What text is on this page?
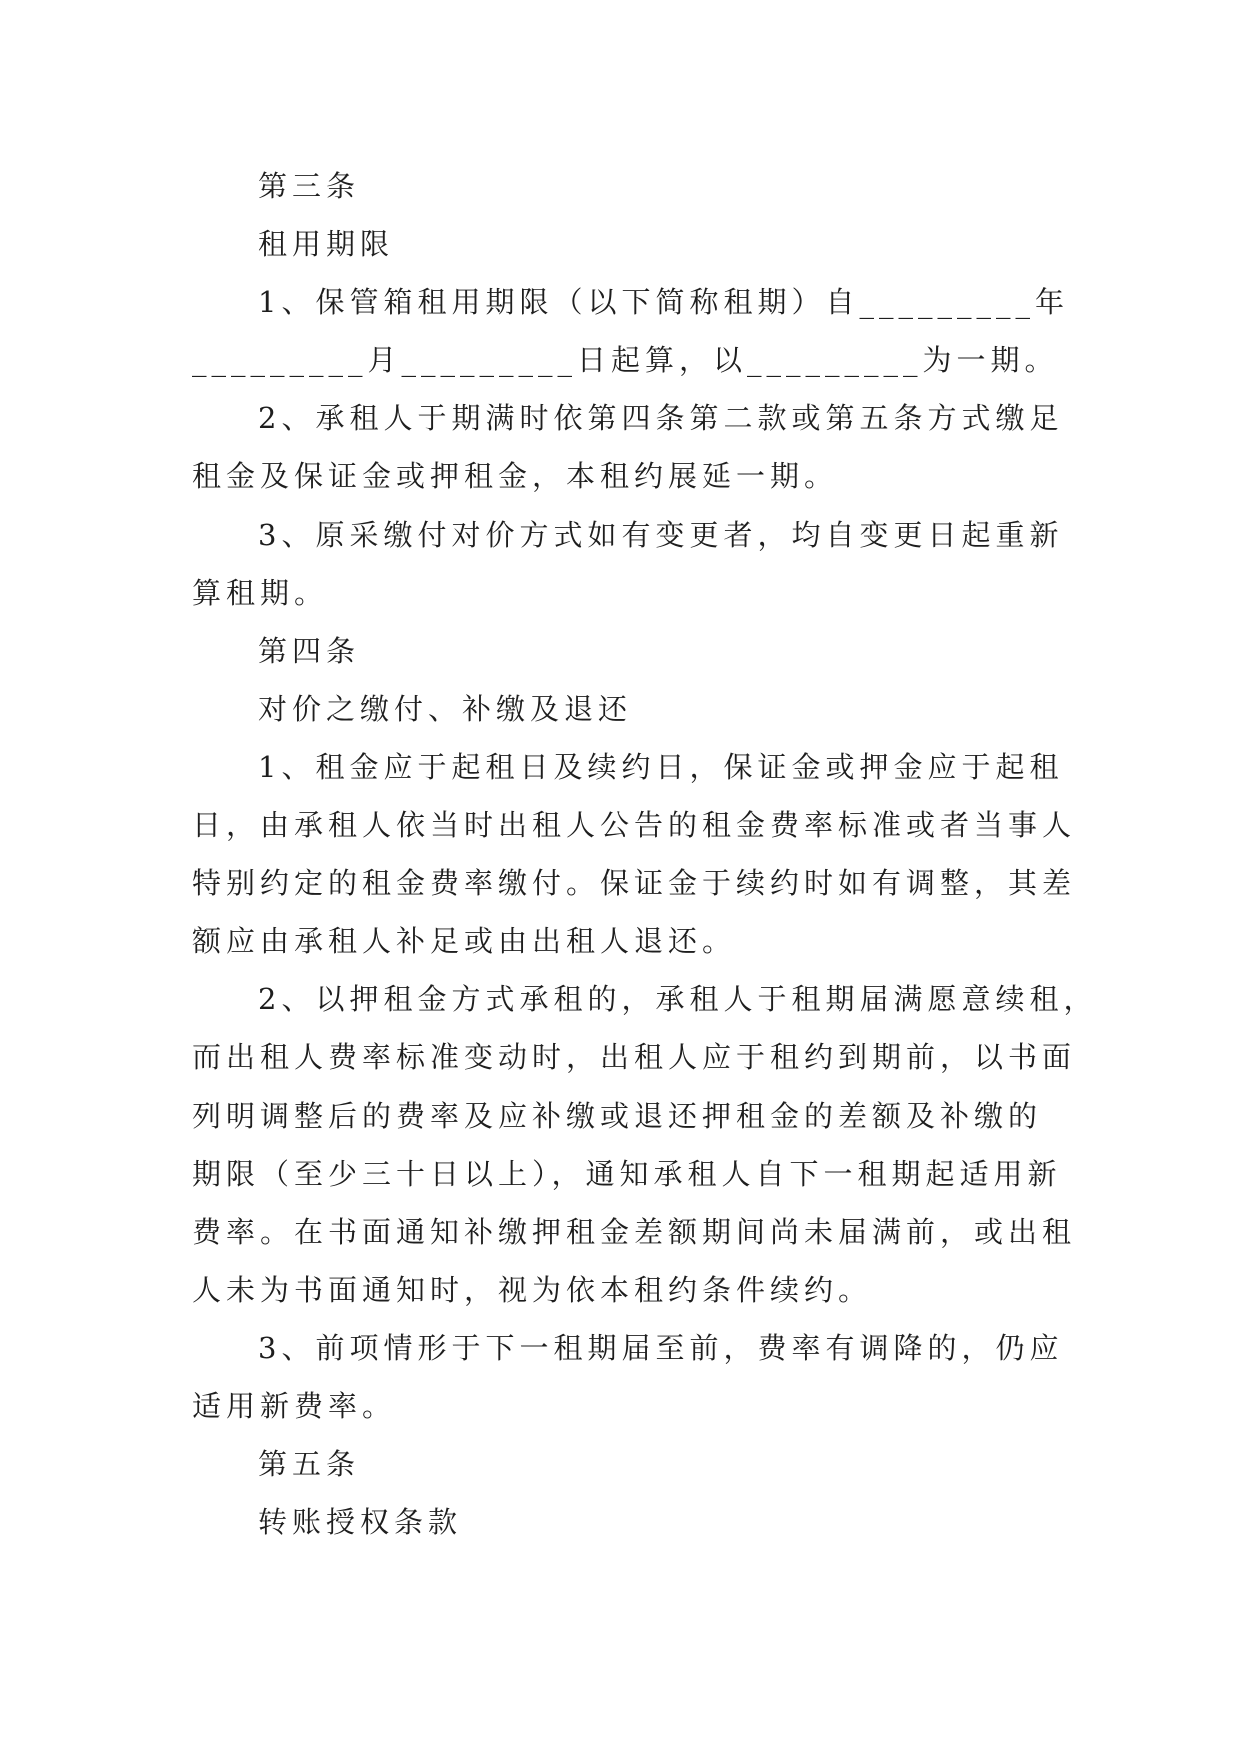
第三条
租用期限
1、保管箱租用期限（以下简称租期）自_________年
_________月_________日起算，以_________为一期。
2、承租人于期满时依第四条第二款或第五条方式缴足
租金及保证金或押租金，本租约展延一期。
3、原采缴付对价方式如有变更者，均自变更日起重新
算租期。
第四条
对价之缴付、补缴及退还
1、租金应于起租日及续约日，保证金或押金应于起租
日，由承租人依当时出租人公告的租金费率标准或者当事人
特别约定的租金费率缴付。保证金于续约时如有调整，其差
额应由承租人补足或由出租人退还。
2、以押租金方式承租的，承租人于租期届满愿意续租，
而出租人费率标准变动时，出租人应于租约到期前，以书面
列明调整后的费率及应补缴或退还押租金的差额及补缴的
期限（至少三十日以上），通知承租人自下一租期起适用新
费率。在书面通知补缴押租金差额期间尚未届满前，或出租
人未为书面通知时，视为依本租约条件续约。
3、前项情形于下一租期届至前，费率有调降的，仍应
适用新费率。
第五条
转账授权条款
